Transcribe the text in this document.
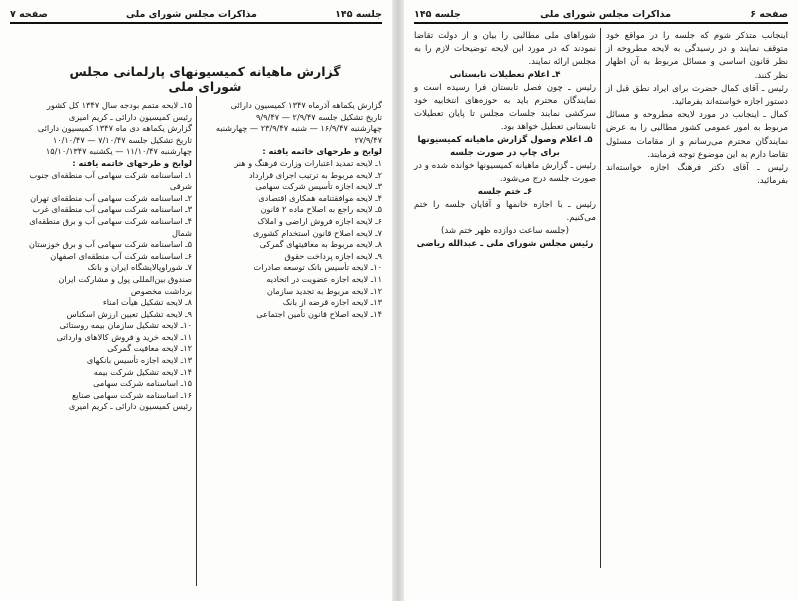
جلسه ۱۴۵
مذاکرات مجلس شورای ملی
صفحه ۷
گزارش ماهیانه کمیسیونهای پارلمانی مجلس شورای ملی

گزارش یکماهه آذرماه ۱۳۴۷ کمیسیون دارائی

تاریخ تشکیل جلسه ۲/۹/۴۷ — ۹/۹/۴۷

چهارشنبه ۱۶/۹/۴۷ — شنبه ۲۳/۹/۴۷ — چهارشنبه

۲۷/۹/۴۷

لوایح و طرحهای خاتمه یافته :

۱ـ لایحه تمدید اعتبارات وزارت فرهنگ و هنر

۲ـ لایحه مربوط به ترتیب اجرای قرارداد

۳ـ لایحه اجازه تأسیس شرکت سهامی

۴ـ لایحه موافقتنامه همکاری اقتصادی

۵ـ لایحه راجع به اصلاح ماده ۲ قانون

۶ـ لایحه اجازه فروش اراضی و املاک

۷ـ لایحه اصلاح قانون استخدام کشوری

۸ـ لایحه مربوط به معافیتهای گمرکی

۹ـ لایحه اجازه پرداخت حقوق

۱۰ـ لایحه تأسیس بانک توسعه صادرات

۱۱ـ لایحه اجازه عضویت در اتحادیه

۱۲ـ لایحه مربوط به تجدید سازمان

۱۳ـ لایحه اجازه قرضه از بانک

۱۴ـ لایحه اصلاح قانون تأمین اجتماعی

۱۵ـ لایحه متمم بودجه سال ۱۳۴۷ کل کشور

رئیس کمیسیون دارائی ـ کریم امیری

گزارش یکماهه دی ماه ۱۳۴۷ کمیسیون دارائی

تاریخ تشکیل جلسه ۷/۱۰/۴۷ — ۱۰/۱۰/۴۷

چهارشنبه ۱۱/۱۰/۴۷ — یکشنبه ۱۵/۱۰/۱۳۴۷

لوایح و طرحهای خاتمه یافته :

۱ـ اساسنامه شرکت سهامی آب منطقه‌ای جنوب

شرقی

۲ـ اساسنامه شرکت سهامی آب منطقه‌ای تهران

۳ـ اساسنامه شرکت سهامی آب منطقه‌ای غرب

۴ـ اساسنامه شرکت سهامی آب و برق منطقه‌ای

شمال

۵ـ اساسنامه شرکت سهامی آب و برق خوزستان

۶ـ اساسنامه شرکت آب منطقه‌ای اصفهان

۷ـ شوراوپالایشگاه ایران و بانک

صندوق بین‌المللی پول و مشارکت ایران

برداشت مخصوص

۸ـ لایحه تشکیل هیأت امناء

۹ـ لایحه تشکیل تعیین ارزش اسکناس

۱۰ـ لایحه تشکیل سازمان بیمه روستائی

۱۱ـ لایحه خرید و فروش کالاهای وارداتی

۱۲ـ لایحه معافیت گمرکی

۱۳ـ لایحه اجازه تأسیس بانکهای

۱۴ـ لایحه تشکیل شرکت بیمه

۱۵ـ اساسنامه شرکت سهامی

۱۶ـ اساسنامه شرکت سهامی صنایع

رئیس کمیسیون دارائی ـ کریم امیری

صفحه ۶
مذاکرات مجلس شورای ملی
جلسه ۱۴۵

اینجانب متذکر شوم که جلسه را در مواقع خود متوقف نمایند و در رسیدگی به لایحه مطروحه از نظر قانون اساسی و مسائل مربوط به آن اظهار نظر کنند.

رئیس ـ آقای کمال حضرت برای ایراد نطق قبل از دستور اجازه خواسته‌اند بفرمائید.

کمال ـ اینجانب در مورد لایحه مطروحه و مسائل مربوط به امور عمومی کشور مطالبی را به عرض نمایندگان محترم می‌رسانم و از مقامات مسئول تقاضا دارم به این موضوع توجه فرمایند.

رئیس ـ آقای دکتر فرهنگ اجازه خواسته‌اند بفرمائید.

شوراهای ملی مطالبی را بیان و از دولت تقاضا نمودند که در مورد این لایحه توضیحات لازم را به مجلس ارائه نمایند.

۴ـ اعلام تعطیلات تابستانی

رئیس ـ چون فصل تابستان فرا رسیده است و نمایندگان محترم باید به حوزه‌های انتخابیه خود سرکشی نمایند جلسات مجلس تا پایان تعطیلات تابستانی تعطیل خواهد بود.

۵ـ اعلام وصول گزارش ماهیانه کمیسیونها برای چاپ در صورت جلسه

رئیس ـ گزارش ماهیانه کمیسیونها خوانده شده و در صورت جلسه درج می‌شود.

۶ـ ختم جلسه

رئیس ـ با اجازه خانمها و آقایان جلسه را ختم می‌کنیم.

(جلسه ساعت دوازده ظهر ختم شد)

رئیس مجلس شورای ملی ـ عبدالله ریاضی
